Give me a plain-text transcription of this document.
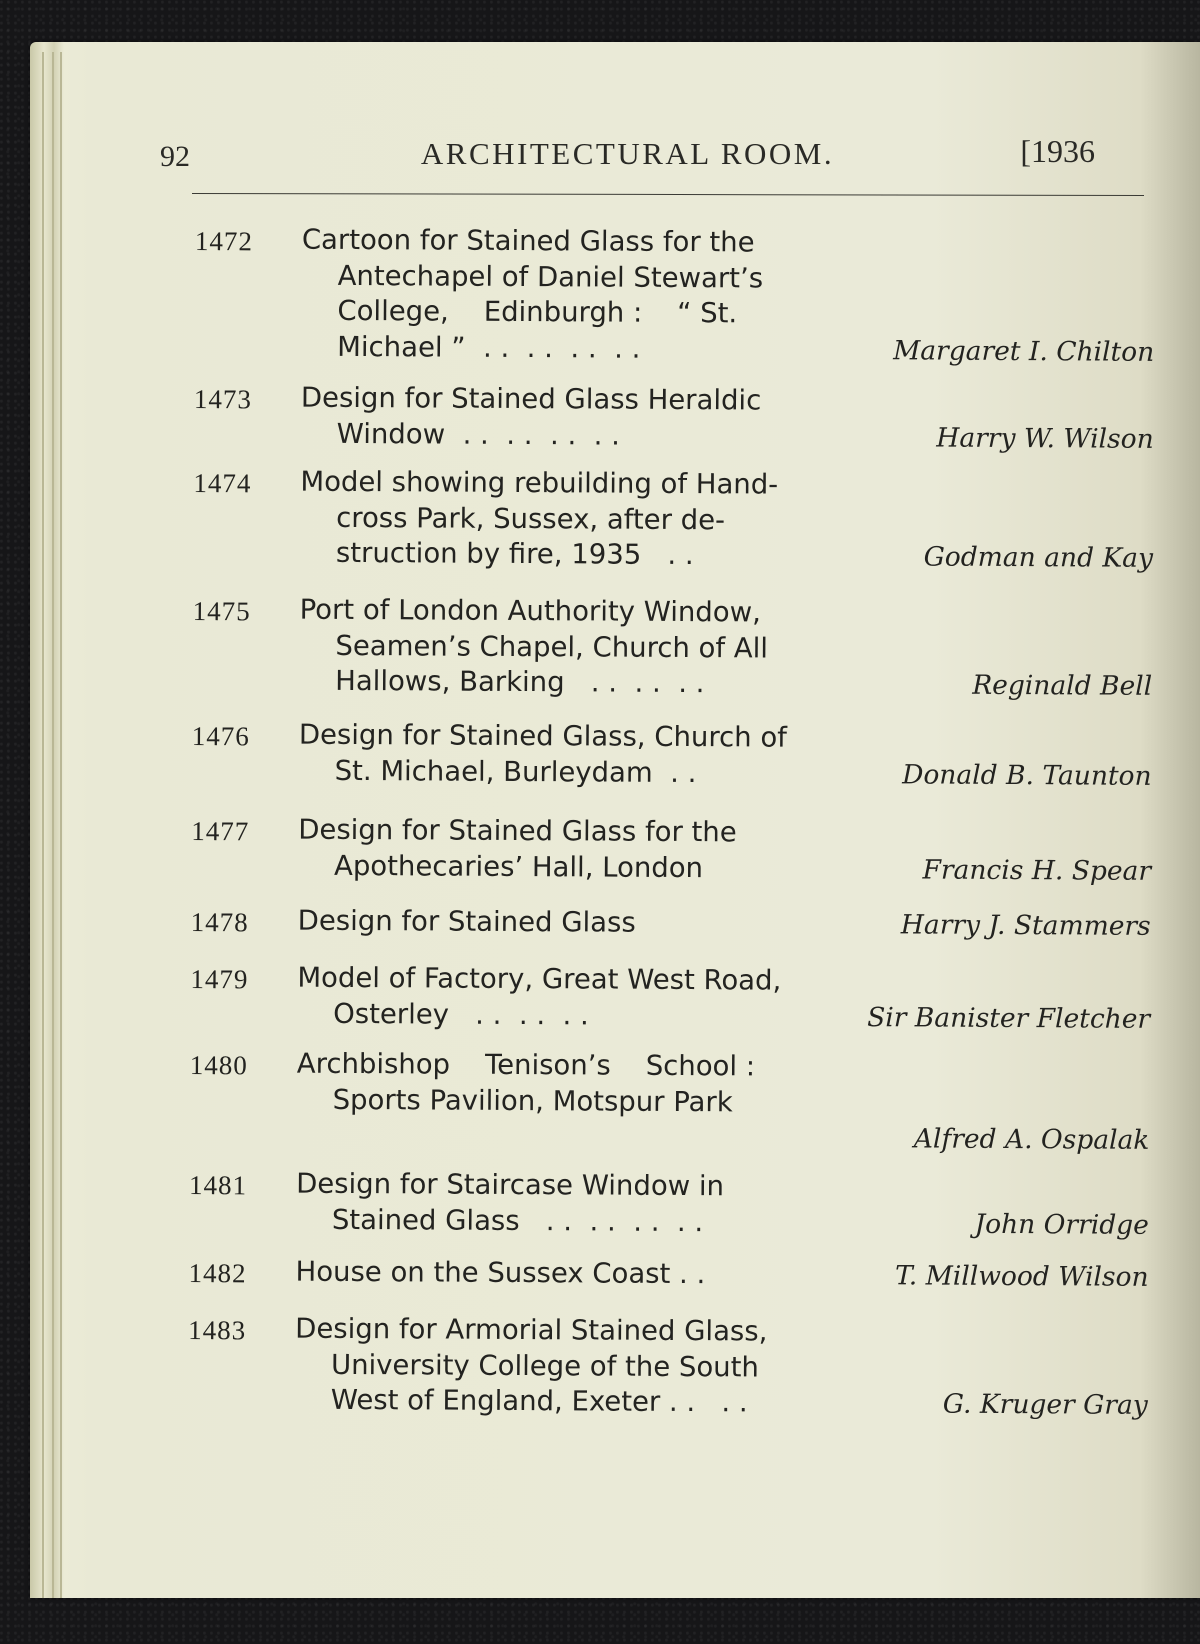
92	ARCHITECTURAL ROOM.	[1936
1472 Cartoon for Stained Glass for the
Antechapel of Daniel Stewart’s
College,    Edinburgh :    “ St.
Michael ”  . .  . .  . .  . .	Margaret I. Chilton
1473 Design for Stained Glass Heraldic
Window  . .  . .  . .  . .	Harry W. Wilson
1474 Model showing rebuilding of Hand-
cross Park, Sussex, after de-
struction by fire, 1935   . .	Godman and Kay
1475 Port of London Authority Window,
Seamen’s Chapel, Church of All
Hallows, Barking   . .  . .  . .	Reginald Bell
1476 Design for Stained Glass, Church of
St. Michael, Burleydam  . .	Donald B. Taunton
1477 Design for Stained Glass for the
Apothecaries’ Hall, London	Francis H. Spear
1478 Design for Stained Glass	Harry J. Stammers
1479 Model of Factory, Great West Road,
Osterley   . .  . .  . .	Sir Banister Fletcher
1480 Archbishop    Tenison’s    School :
Sports Pavilion, Motspur Park
Alfred A. Ospalak
1481 Design for Staircase Window in
Stained Glass   . .  . .  . .  . .	John Orridge
1482 House on the Sussex Coast . .	T. Millwood Wilson
1483 Design for Armorial Stained Glass,
University College of the South
West of England, Exeter . .   . .	G. Kruger Gray
